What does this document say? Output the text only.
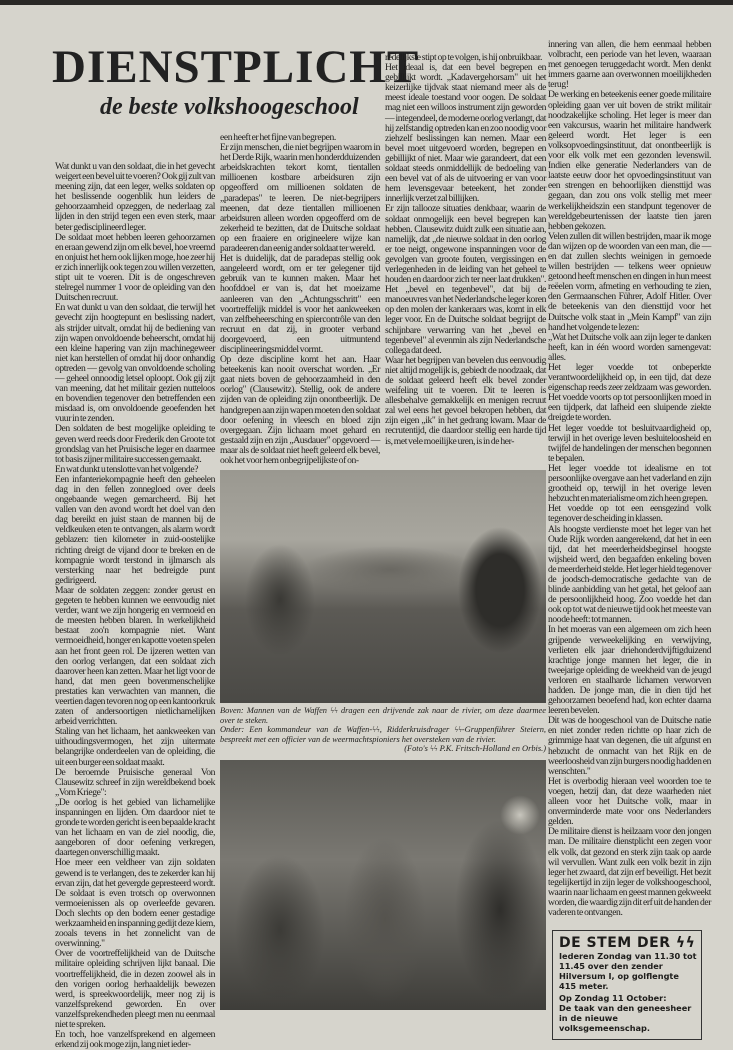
DIENSTPLICHT
de beste volkshoogeschool

Wat dunkt u van den soldaat, die in het gevecht weigert een bevel uit te voeren? Ook gij zult van meening zijn, dat een leger, welks soldaten op het beslissende oogenblik hun leiders de gehoorzaamheid opzeggen, de nederlaag zal lijden in den strijd tegen een even sterk, maar beter gedisciplineerd leger.

De soldaat moet hebben leeren gehoorzamen en eraan gewend zijn om elk bevel, hoe vreemd en onjuist het hem ook lijken moge, hoe zeer hij er zich innerlijk ook tegen zou willen verzetten, stipt uit te voeren. Dit is de ongeschreven stelregel nummer 1 voor de opleiding van den Duitschen recruut.

En wat dunkt u van den soldaat, die terwijl het gevecht zijn hoogtepunt en beslissing nadert, als strijder uitvalt, omdat hij de bediening van zijn wapen onvoldoende beheerscht, omdat hij een kleine hapering van zijn machinegeweer niet kan herstellen of omdat hij door onhandig optreden — gevolg van onvoldoende scholing — geheel onnoodig letsel oploopt. Ook gij zijt van meening, dat het militair gezien nutteloos en bovendien tegenover den betreffenden een misdaad is, om onvoldoende geoefenden het vuur in te zenden.

Den soldaten de best mogelijke opleiding te geven werd reeds door Frederik den Groote tot grondslag van het Pruisische leger en daarmee tot basis zijner militaire successen gemaakt.

En wat dunkt u tenslotte van het volgende?

Een infanteriekompagnie heeft den geheelen dag in den fellen zonnegloed over deels ongebaande wegen gemarcheerd. Bij het vallen van den avond wordt het doel van den dag bereikt en juist staan de mannen bij de veldkeuken eten te ontvangen, als alarm wordt geblazen: tien kilometer in zuid-oostelijke richting dreigt de vijand door te breken en de kompagnie wordt terstond in ijlmarsch als versterking naar het bedreigde punt gedirigeerd.

Maar de soldaten zeggen: zonder gerust en gegeten te hebben kunnen we eenvoudig niet verder, want we zijn hongerig en vermoeid en de meesten hebben blaren. In werkelijkheid bestaat zoo'n kompagnie niet. Want vermoeidheid, honger en kapotte voeten spelen aan het front geen rol. De ijzeren wetten van den oorlog verlangen, dat een soldaat zich daarover heen kan zetten. Maar het ligt voor de hand, dat men geen bovenmenschelijke prestaties kan verwachten van mannen, die veertien dagen tevoren nog op een kantoorkruk zaten of andersoortigen nietlichamelijken arbeid verrichtten.

Staling van het lichaam, het aankweeken van uithoudingsvermogen, het zijn uitermate belangrijke onderdeelen van de opleiding, die uit een burger een soldaat maakt.

De beroemde Pruisische generaal Von Clausewitz schreef in zijn wereldbekend boek „Vom Kriege":

„De oorlog is het gebied van lichamelijke inspanningen en lijden. Om daardoor niet te gronde te worden gericht is een bepaalde kracht van het lichaam en van de ziel noodig, die, aangeboren of door oefening verkregen, daartegen onverschillig maakt.

Hoe meer een veldheer van zijn soldaten gewend is te verlangen, des te zekerder kan hij ervan zijn, dat het gevergde gepresteerd wordt. De soldaat is even trotsch op overwonnen vermoeienissen als op overleefde gevaren. Doch slechts op den bodem eener gestadige werkzaamheid en inspanning gedijt deze kiem, zooals tevens in het zonnelicht van de overwinning."

Over de voortreffelijkheid van de Duitsche militaire opleiding schrijven lijkt banaal. Die voortreffelijkheid, die in dezen zoowel als in den vorigen oorlog herhaaldelijk bewezen werd, is spreekwoordelijk, meer nog zij is vanzelfsprekend geworden. En over vanzelfsprekendheden pleegt men nu eenmaal niet te spreken.

En toch, hoe vanzelfsprekend en algemeen erkend zij ook moge zijn, lang niet ieder-

een heeft er het fijne van begrepen.

Er zijn menschen, die niet begrijpen waarom in het Derde Rijk, waarin men honderdduizenden arbeidskrachten tekort komt, tientallen millioenen kostbare arbeidsuren zijn opgeofferd om millioenen soldaten de „paradepas" te leeren. De niet-begrijpers meenen, dat deze tientallen millioenen arbeidsuren alleen worden opgeofferd om de zekerheid te bezitten, dat de Duitsche soldaat op een fraaiere en origineelere wijze kan paradeeren dan eenig ander soldaat ter wereld.

Het is duidelijk, dat de paradepas stellig ook aangeleerd wordt, om er ter gelegener tijd gebruik van te kunnen maken. Maar het hoofddoel er van is, dat het moeizame aanleeren van den „Achtungsschritt" een voortreffelijk middel is voor het aankweeken van zelfbeheersching en spiercontrôle van den recruut en dat zij, in grooter verband doorgevoerd, een uitmuntend disciplineeringsmiddel vormt.

Op deze discipline komt het aan. Haar beteekenis kan nooit overschat worden. „Er gaat niets boven de gehoorzaamheid in den oorlog" (Clausewitz). Stellig, ook de andere zijden van de opleiding zijn onontbeerlijk. De handgrepen aan zijn wapen moeten den soldaat door oefening in vleesch en bloed zijn overgegaan. Zijn lichaam moet gehard en gestaald zijn en zijn „Ausdauer" opgevoerd — maar als de soldaat niet heeft geleerd elk bevel, ook het voor hem onbegrijpelijkste of on-

redelijkste stipt op te volgen, is hij onbruikbaar.

Het ideaal is, dat een bevel begrepen en gebillijkt wordt. „Kadavergehorsam" uit het keizerlijke tijdvak staat niemand meer als de meest ideale toestand voor oogen. De soldaat mag niet een willoos instrument zijn geworden — integendeel, de moderne oorlog verlangt, dat hij zelfstandig optreden kan en zoo noodig voor ziehzelf beslissingen kan nemen. Maar een bevel moet uitgevoerd worden, begrepen en gebillijkt of niet. Maar wie garandeert, dat een soldaat steeds onmiddellijk de bedoeling van een bevel vat of als de uitvoering er van voor hem levensgevaar beteekent, het zonder innerlijk verzet zal billijken.

Er zijn tallooze situaties denkbaar, waarin de soldaat onmogelijk een bevel begrepen kan hebben. Clausewitz duidt zulk een situatie aan, namelijk, dat „de nieuwe soldaat in den oorlog er toe neigt, ongewone inspanningen voor de gevolgen van groote fouten, vergissingen en verlegenheden in de leiding van het geheel te houden en daardoor zich ter neer laat drukken". Het „bevel en tegenbevel", dat bij de manoeuvres van het Nederlandsche leger koren op den molen der kankeraars was, komt in elk leger voor. En de Duitsche soldaat begrijpt de schijnbare verwarring van het „bevel en tegenbevel" al evenmin als zijn Nederlandsche collega dat deed.

Waar het begrijpen van bevelen dus eenvoudig niet altijd mogelijk is, gebiedt de noodzaak, dat de soldaat geleerd heeft elk bevel zonder weifeling uit te voeren. Dit te leeren is allesbehalve gemakkelijk en menigen recruut zal wel eens het gevoel bekropen hebben, dat zijn eigen „ik" in het gedrang kwam. Maar de recrutentijd, die daardoor stellig een harde tijd is, met vele moeilijke uren, is in de her-

Boven: Mannen van de Waffen ϟϟ dragen een drijvende zak naar de rivier, om deze daarmee over te steken.

Onder: Een kommandeur van de Waffen-ϟϟ, Ridderkruisdrager ϟϟ-Gruppenführer Steiern, bespreekt met een officier van de weermachtspioniers het oversteken van de rivier.

(Foto's ϟϟ P.K. Fritsch-Holland en Orbis.)

innering van allen, die hem eenmaal hebben volbracht, een periode van het leven, waaraan met genoegen teruggedacht wordt. Men denkt immers gaarne aan overwonnen moeilijkheden terug!

De werking en beteekenis eener goede militaire opleiding gaan ver uit boven de strikt militair noodzakelijke scholing. Het leger is meer dan een vakcursus, waarin het militaire handwerk geleerd wordt. Het leger is een volksopvoedingsinstituut, dat onontbeerlijk is voor elk volk met een gezonden levenswil. Indien elke generatie Nederlanders van de laatste eeuw door het opvoedingsinstituut van een strengen en behoorlijken diensttijd was gegaan, dan zou ons volk stellig met meer werkelijkheidszin een standpunt tegenover de wereldgebeurtenissen der laatste tien jaren hebben gekozen.

Velen zullen dit willen bestrijden, maar ik moge dan wijzen op de woorden van een man, die — en dat zullen slechts weinigen in gemoede willen bestrijden — telkens weer opnieuw getoond heeft menschen en dingen in hun meest reëelen vorm, afmeting en verhouding te zien, den Germaanschen Führer, Adolf Hitler. Over de beteekenis van den diensttijd voor het Duitsche volk staat in „Mein Kampf" van zijn hand het volgende te lezen:

„Wat het Duitsche volk aan zijn leger te danken heeft, kan in één woord worden samengevat: alles.

Het leger voedde tot onbeperkte verantwoordelijkheid op, in een tijd, dat deze eigenschap reeds zeer zeldzaam was geworden. Het voedde voorts op tot persoonlijken moed in een tijdperk, dat lafheid een sluipende ziekte dreigde te worden.

Het leger voedde tot besluitvaardigheid op, terwijl in het overige leven besluiteloosheid en twijfel de handelingen der menschen begonnen te bepalen.

Het leger voedde tot idealisme en tot persoonlijke overgave aan het vaderland en zijn grootheid op, terwijl in het overige leven hebzucht en materialisme om zich heen grepen.

Het voedde op tot een eensgezind volk tegenover de scheiding in klassen.

Als hoogste verdienste moet het leger van het Oude Rijk worden aangerekend, dat het in een tijd, dat het meerderheidsbeginsel hoogste wijsheid werd, den begaafden enkeling boven de meerderheid stelde. Het leger hield tegenover de joodsch-democratische gedachte van de blinde aanbidding van het getal, het geloof aan de persoonlijkheid hoog. Zoo voedde het dan ook op tot wat de nieuwe tijd ook het meeste van noode heeft: tot mannen.

In het moeras van een algemeen om zich heen grijpende verweekelijking en verwijving, verlieten elk jaar driehonderdvijftigduizend krachtige jonge mannen het leger, die in tweejarige opleiding de weekheid van de jeugd verloren en staalharde lichamen verworven hadden. De jonge man, die in dien tijd het gehoorzamen beoefend had, kon echter daarna leeren bevelen.

Dit was de hoogeschool van de Duitsche natie en niet zonder reden richtte op haar zich de grimmige haat van degenen, die uit afgunst en hebzucht de onmacht van het Rijk en de weerloosheid van zijn burgers noodig hadden en wenschten."

Het is overbodig hieraan veel woorden toe te voegen, hetzij dan, dat deze waarheden niet alleen voor het Duitsche volk, maar in onverminderde mate voor ons Nederlanders gelden.

De militaire dienst is heilzaam voor den jongen man. De militaire dienstplicht een zegen voor elk volk, dat gezond en sterk zijn taak op aarde wil vervullen. Want zulk een volk bezit in zijn leger het zwaard, dat zijn erf beveiligt. Het bezit tegelijkertijd in zijn leger de volkshoogeschool, waarin naar lichaam en geest mannen gekweekt worden, die waardig zijn dit erf uit de handen der vaderen te ontvangen.

DE STEM DER ϟϟ

Iederen Zondag van 11.30 tot 11.45 over den zender Hilversum I, op golflengte 415 meter.

Op Zondag 11 October:

De taak van den geneesheer in de nieuwe volksgemeenschap.
